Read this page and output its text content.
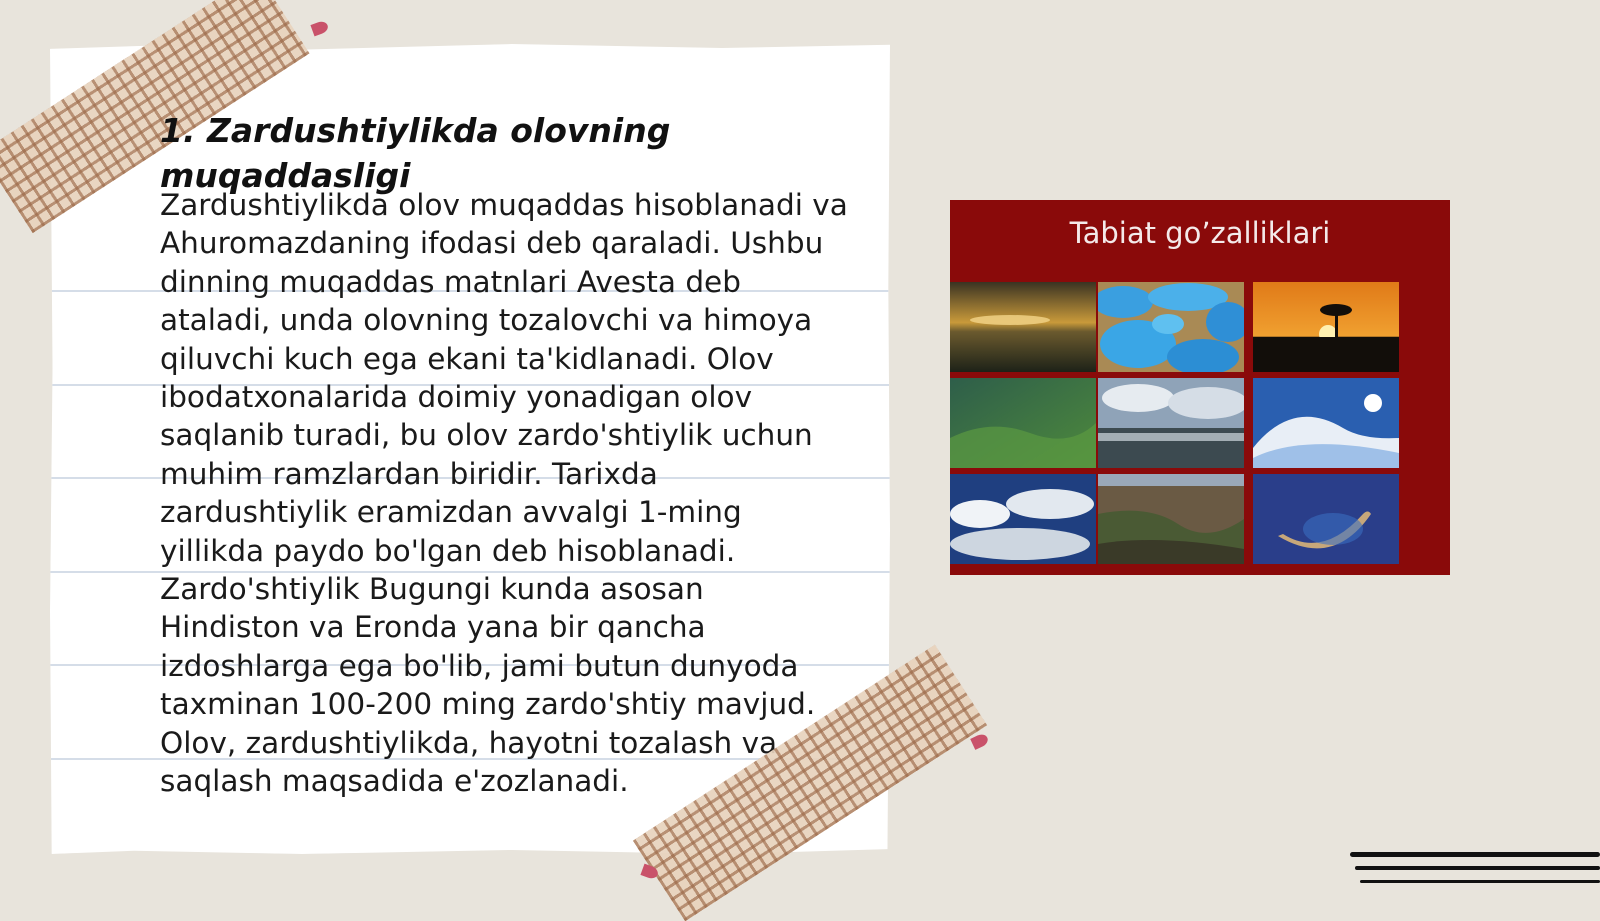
1. Zardushtiylikda olovning muqaddasligi

Zardushtiylikda olov muqaddas hisoblanadi va Ahuromazdaning ifodasi deb qaraladi. Ushbu dinning muqaddas matnlari Avesta deb ataladi, unda olovning tozalovchi va himoya qiluvchi kuch ega ekani ta'kidlanadi. Olov ibodatxonalarida doimiy yonadigan olov saqlanib turadi, bu olov zardo'shtiylik uchun muhim ramzlardan biridir. Tarixda zardushtiylik eramizdan avvalgi 1-ming yillikda paydo bo'lgan deb hisoblanadi. Zardo'shtiylik Bugungi kunda asosan Hindiston va Eronda yana bir qancha izdoshlarga ega bo'lib, jami butun dunyoda taxminan 100-200 ming zardo'shtiy mavjud. Olov, zardushtiylikda, hayotni tozalash va saqlash maqsadida e'zozlanadi.

Tabiat go’zalliklari
